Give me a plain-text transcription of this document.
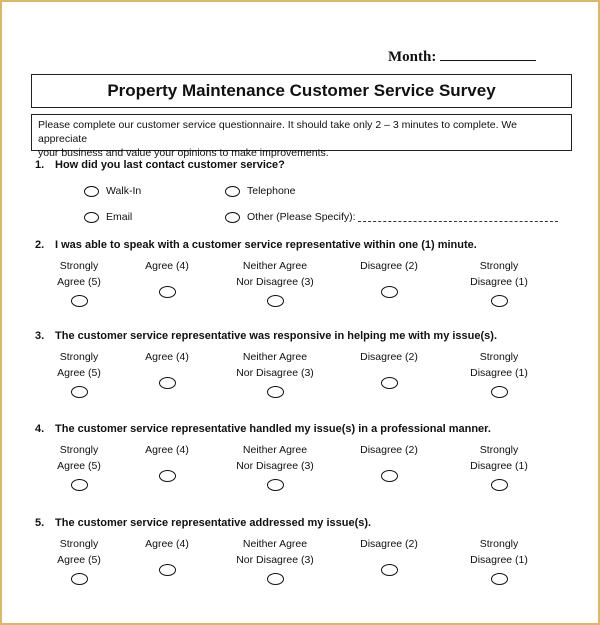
Month:
Property Maintenance Customer Service Survey
Please complete our customer service questionnaire. It should take only 2 – 3 minutes to complete. We appreciate
your business and value your opinions to make improvements.
1. How did you last contact customer service?
Walk-In	Telephone
Email	Other (Please Specify):
2. I was able to speak with a customer service representative within one (1) minute.
Strongly
Agree (5)
Agree (4)	Neither Agree
Nor Disagree (3)
Disagree (2)	Strongly
Disagree (1)
3. The customer service representative was responsive in helping me with my issue(s).
Strongly
Agree (5)
Agree (4)	Neither Agree
Nor Disagree (3)
Disagree (2)	Strongly
Disagree (1)
4. The customer service representative handled my issue(s) in a professional manner.
Strongly
Agree (5)
Agree (4)	Neither Agree
Nor Disagree (3)
Disagree (2)	Strongly
Disagree (1)
5. The customer service representative addressed my issue(s).
Strongly
Agree (5)
Agree (4)	Neither Agree
Nor Disagree (3)
Disagree (2)	Strongly
Disagree (1)
